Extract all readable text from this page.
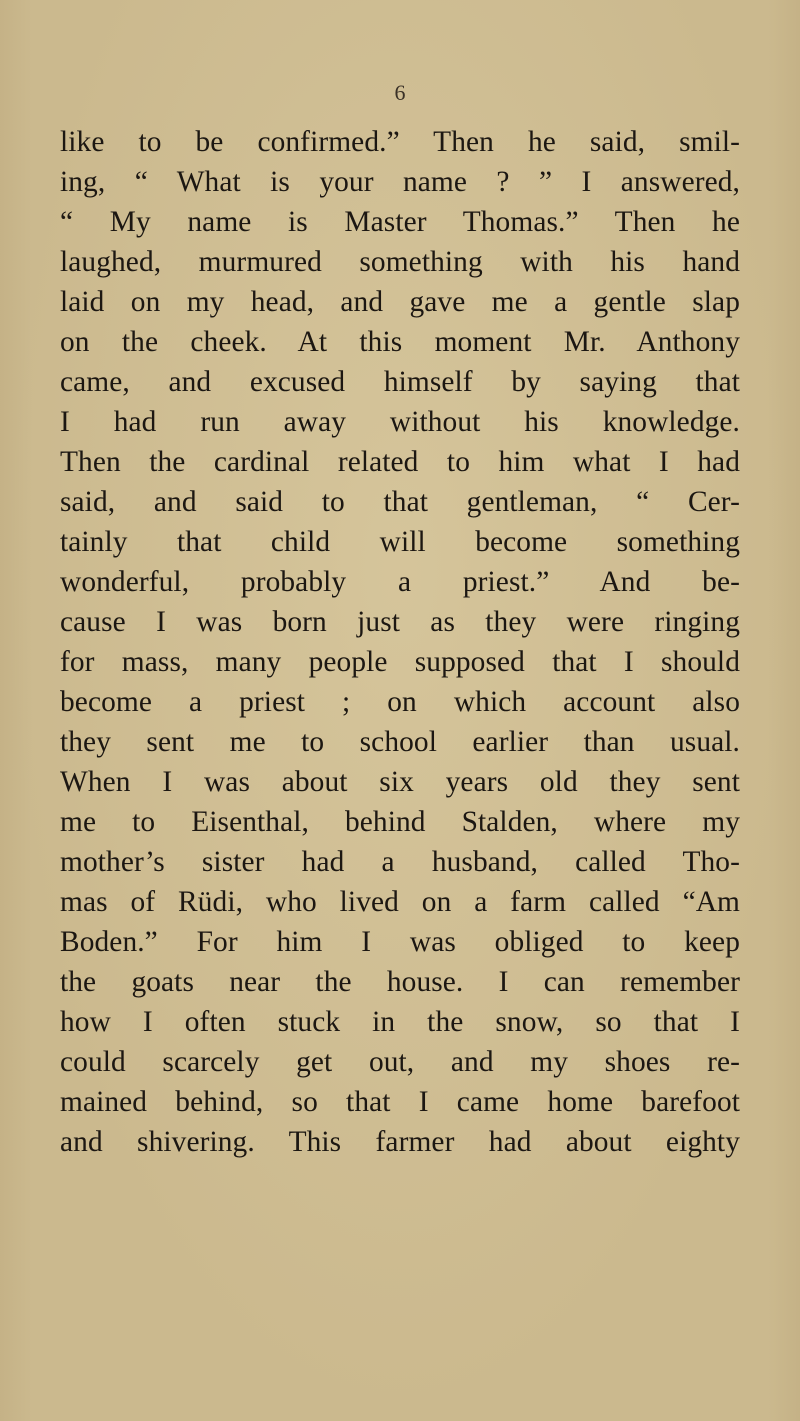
6
like to be confirmed.” Then he said, smil-
ing, “ What is your name ? ” I answered,
“ My name is Master Thomas.” Then he
laughed, murmured something with his hand
laid on my head, and gave me a gentle slap
on the cheek. At this moment Mr. Anthony
came, and excused himself by saying that
I had run away without his knowledge.
Then the cardinal related to him what I had
said, and said to that gentleman, “ Cer-
tainly that child will become something
wonderful, probably a priest.” And be-
cause I was born just as they were ringing
for mass, many people supposed that I should
become a priest ; on which account also
they sent me to school earlier than usual.
When I was about six years old they sent
me to Eisenthal, behind Stalden, where my
mother’s sister had a husband, called Tho-
mas of Rüdi, who lived on a farm called “Am
Boden.” For him I was obliged to keep
the goats near the house. I can remember
how I often stuck in the snow, so that I
could scarcely get out, and my shoes re-
mained behind, so that I came home barefoot
and shivering. This farmer had about eighty
